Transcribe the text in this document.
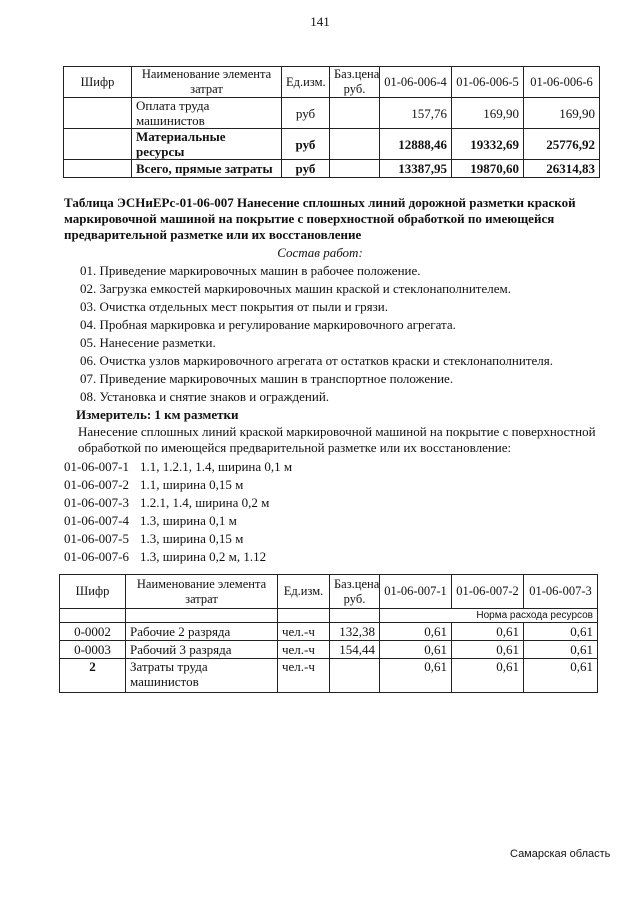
141
Шифр	Наименование элемента затрат	Ед.изм.	Баз.цена руб.	01-06-006-4	01-06-006-5	01-06-006-6
	Оплата труда машинистов	руб		157,76	169,90	169,90
	Материальные ресурсы	руб		12888,46	19332,69	25776,92
	Всего, прямые затраты	руб		13387,95	19870,60	26314,83
Таблица ЭСНиЕРс-01-06-007 Нанесение сплошных линий дорожной разметки краской маркировочной машиной на покрытие с поверхностной обработкой по имеющейся предварительной разметке или их восстановление
Состав работ:
01. Приведение маркировочных машин в рабочее положение.
02. Загрузка емкостей маркировочных машин краской и стеклонаполнителем.
03. Очистка отдельных мест покрытия от пыли и грязи.
04. Пробная маркировка и регулирование маркировочного агрегата.
05. Нанесение разметки.
06. Очистка узлов маркировочного агрегата от остатков краски и стеклонаполнителя.
07. Приведение маркировочных машин в транспортное положение.
08. Установка и снятие знаков и ограждений.
Измеритель: 1 км разметки
Нанесение сплошных линий краской маркировочной машиной на покрытие с поверхностной обработкой по имеющейся предварительной разметке или их восстановление:
01-06-007-1 1.1, 1.2.1, 1.4, ширина 0,1 м
01-06-007-2 1.1, ширина 0,15 м
01-06-007-3 1.2.1, 1.4, ширина 0,2 м
01-06-007-4 1.3, ширина 0,1 м
01-06-007-5 1.3, ширина 0,15 м
01-06-007-6 1.3, ширина 0,2 м, 1.12
Шифр	Наименование элемента затрат	Ед.изм.	Баз.цена руб.	01-06-007-1	01-06-007-2	01-06-007-3
				Норма расхода ресурсов		
0-0002	Рабочие 2 разряда	чел.-ч	132,38	0,61	0,61	0,61
0-0003	Рабочий 3 разряда	чел.-ч	154,44	0,61	0,61	0,61
2	Затраты труда машинистов	чел.-ч		0,61	0,61	0,61
Самарская область
